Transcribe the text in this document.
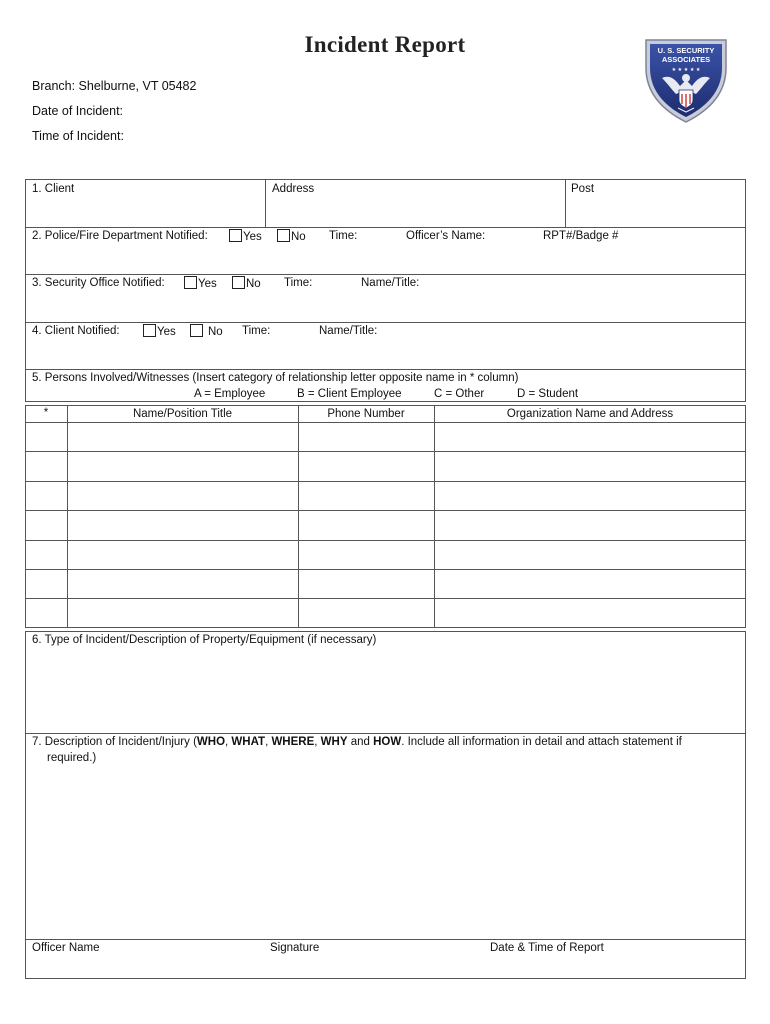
Incident Report
Branch: Shelburne, VT 05482
Date of Incident:
Time of Incident:
U. S. SECURITY
ASSOCIATES
★ ★ ★ ★ ★
1. Client	Address	Post
2. Police/Fire Department Notified:	Yes	No Time:	Officer’s Name:	RPT#/Badge #
3. Security Office Notified:	Yes	No Time:	Name/Title:
4. Client Notified:	Yes	No Time:	Name/Title:
5. Persons Involved/Witnesses (Insert category of relationship letter opposite name in * column)
A = Employee	B = Client Employee	C = Other	D = Student
*	Name/Position Title	Phone Number	Organization Name and Address
6. Type of Incident/Description of Property/Equipment (if necessary)
7. Description of Incident/Injury (WHO, WHAT, WHERE, WHY and HOW. Include all information in detail and attach statement if
required.)
Officer Name	Signature	Date & Time of Report
